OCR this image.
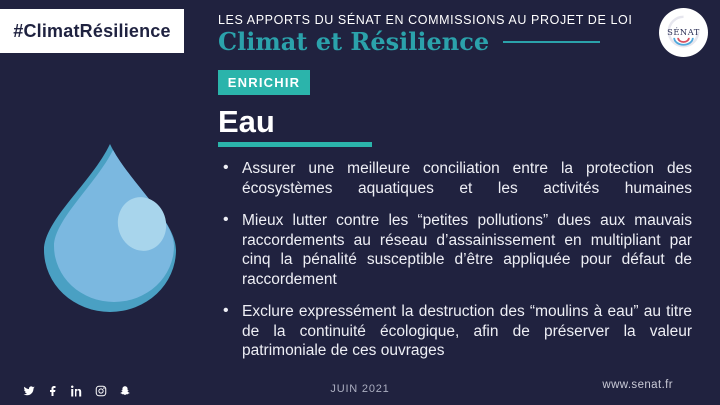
#ClimatRésilience
LES APPORTS DU SÉNAT EN COMMISSIONS AU PROJET DE LOI
Climat et Résilience	SÉNAT
ENRICHIR
Eau
• Assurer une meilleure conciliation entre la protection des écosystèmes aquatiques et les activités humaines
• Mieux lutter contre les “petites pollutions” dues aux mauvais raccordements au réseau d’assainissement en multipliant par cinq la pénalité susceptible d’être appliquée pour défaut de raccordement
• Exclure expressément la destruction des “moulins à eau” au titre de la continuité écologique, afin de préserver la valeur patrimoniale de ces ouvrages
JUIN 2021	www.senat.fr
